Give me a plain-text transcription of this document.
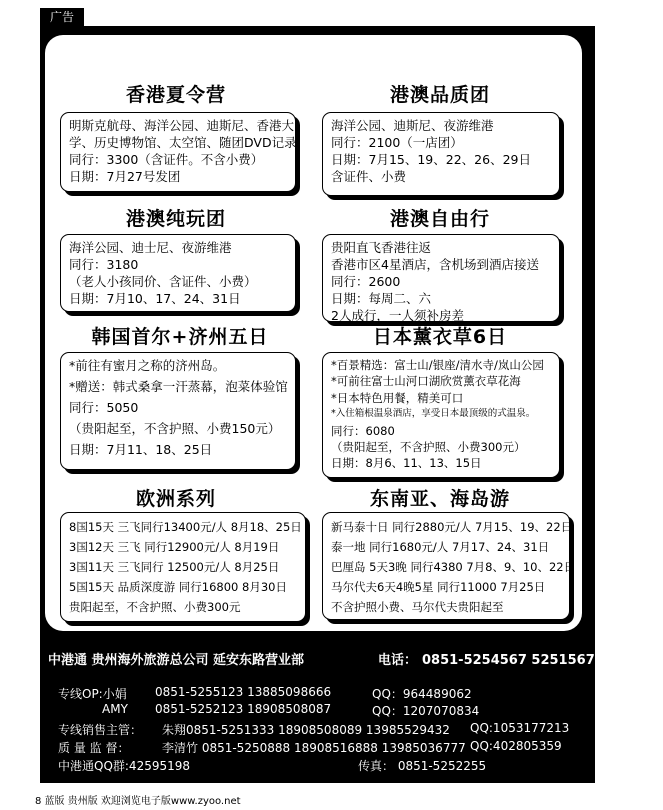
广告
香港夏令营
明斯克航母、海洋公园、迪斯尼、香港大
学、历史博物馆、太空馆、随团DVD记录
同行：3300（含证件。不含小费）
日期：7月27号发团
港澳品质团
海洋公园、迪斯尼、夜游维港
同行：2100（一店团）
日期：7月15、19、22、26、29日
含证件、小费
港澳纯玩团
海洋公园、迪士尼、夜游维港
同行：3180
（老人小孩同价、含证件、小费）
日期：7月10、17、24、31日
港澳自由行
贵阳直飞香港往返
香港市区4星酒店，含机场到酒店接送
同行：2600
日期：每周二、六
2人成行，一人须补房差
韩国首尔+济州五日
*前往有蜜月之称的济州岛。
*赠送：韩式桑拿一汗蒸幕，泡菜体验馆
同行：5050
（贵阳起至，不含护照、小费150元）
日期：7月11、18、25日
日本薰衣草6日
*百景精选：富士山/银座/清水寺/岚山公园
*可前往富士山河口湖欣赏薰衣草花海
*日本特色用餐，精美可口
*入住箱根温泉酒店，享受日本最顶级的式温泉。
同行：6080
（贵阳起至，不含护照、小费300元）
日期：8月6、11、13、15日
欧洲系列
8国15天 三飞同行13400元/人 8月18、25日
3国12天 三飞 同行12900元/人 8月19日
3国11天 三飞同行 12500元/人 8月25日
5国15天 品质深度游 同行16800 8月30日
贵阳起至，不含护照、小费300元
东南亚、海岛游
新马泰十日 同行2880元/人 7月15、19、22日
泰一地 同行1680元/人 7月17、24、31日
巴厘岛 5天3晚 同行4380 7月8、9、10、22日
马尔代夫6天4晚5星 同行11000 7月25日
不含护照小费、马尔代夫贵阳起至
中港通 贵州海外旅游总公司 延安东路营业部	电话： 0851-5254567 5251567 5257567
专线OP:小娟 0851-5255123 13885098666	QQ：964489062
AMY 0851-5252123 18908508087	QQ：1207070834
专线销售主管： 朱翔0851-5251333 18908508089 13985529432 QQ:1053177213
质 量 监 督：	李清竹 0851-5250888 18908516888 13985036777 QQ:402805359
中港通QQ群:42595198	传真： 0851-5252255
8 蓝版 贵州版 欢迎浏览电子版www.zyoo.net
